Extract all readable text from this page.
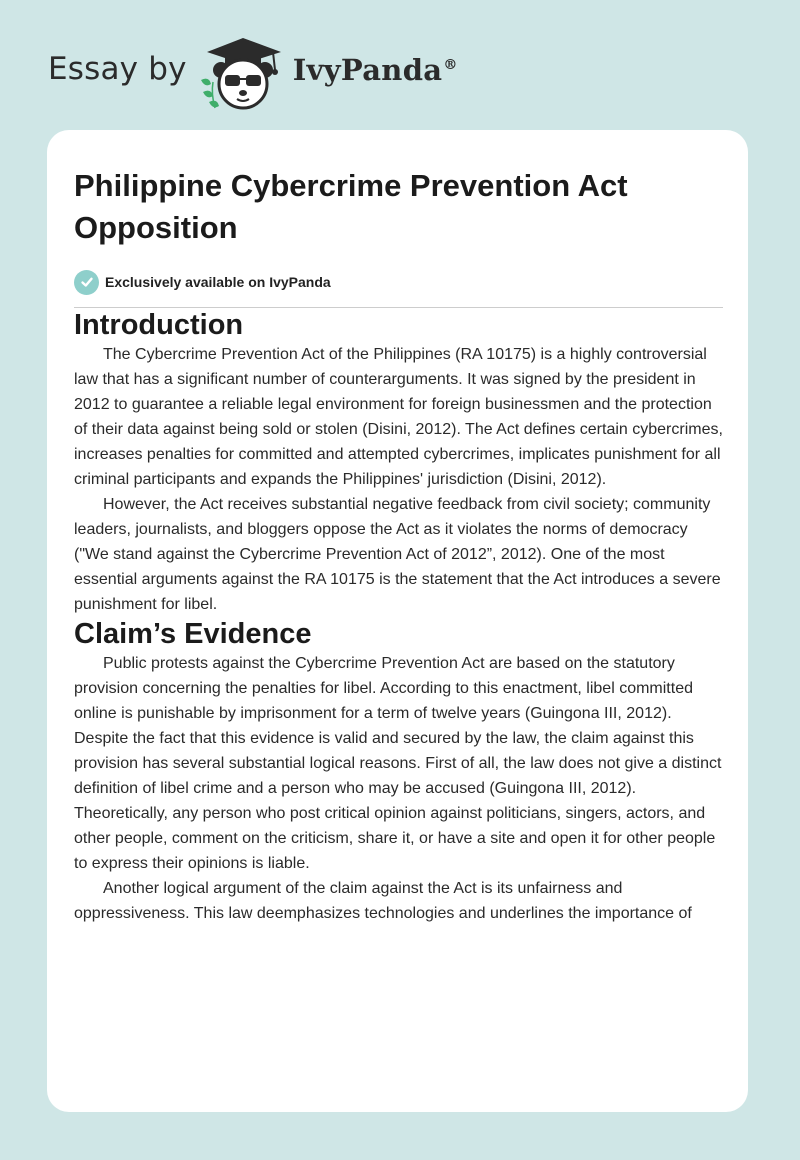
Essay by	IvyPanda®
Philippine Cybercrime Prevention Act Opposition
Exclusively available on IvyPanda
Introduction

The Cybercrime Prevention Act of the Philippines (RA 10175) is a highly controversial law that has a significant number of counterarguments. It was signed by the president in 2012 to guarantee a reliable legal environment for foreign businessmen and the protection of their data against being sold or stolen (Disini, 2012). The Act defines certain cybercrimes, increases penalties for committed and attempted cybercrimes, implicates punishment for all criminal participants and expands the Philippines' jurisdiction (Disini, 2012).

However, the Act receives substantial negative feedback from civil society; community leaders, journalists, and bloggers oppose the Act as it violates the norms of democracy ("We stand against the Cybercrime Prevention Act of 2012”, 2012). One of the most essential arguments against the RA 10175 is the statement that the Act introduces a severe punishment for libel.

Claim’s Evidence

Public protests against the Cybercrime Prevention Act are based on the statutory provision concerning the penalties for libel. According to this enactment, libel committed online is punishable by imprisonment for a term of twelve years (Guingona III, 2012). Despite the fact that this evidence is valid and secured by the law, the claim against this provision has several substantial logical reasons. First of all, the law does not give a distinct definition of libel crime and a person who may be accused (Guingona III, 2012). Theoretically, any person who post critical opinion against politicians, singers, actors, and other people, comment on the criticism, share it, or have a site and open it for other people to express their opinions is liable.

Another logical argument of the claim against the Act is its unfairness and oppressiveness. This law deemphasizes technologies and underlines the importance of
